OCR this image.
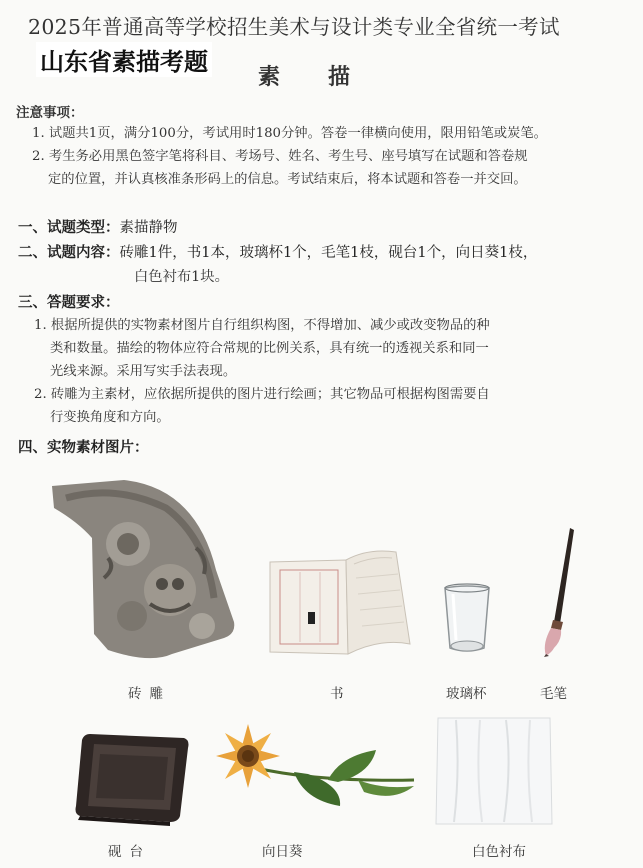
2025年普通高等学校招生美术与设计类专业全省统一考试
山东省素描考题
素描
注意事项：
1. 试题共1页，满分100分，考试用时180分钟。答卷一律横向使用，限用铅笔或炭笔。
2. 考生务必用黑色签字笔将科目、考场号、姓名、考生号、座号填写在试题和答卷规
定的位置，并认真核准条形码上的信息。考试结束后，将本试题和答卷一并交回。
一、试题类型：素描静物
二、试题内容：砖雕1件，书1本，玻璃杯1个，毛笔1枝，砚台1个，向日葵1枝，
白色衬布1块。
三、答题要求：
1. 根据所提供的实物素材图片自行组织构图，不得增加、减少或改变物品的种
类和数量。描绘的物体应符合常规的比例关系，具有统一的透视关系和同一
光线来源。采用写实手法表现。
2. 砖雕为主素材，应依据所提供的图片进行绘画；其它物品可根据构图需要自
行变换角度和方向。
四、实物素材图片：
砖雕	书	玻璃杯	毛笔
砚台	向日葵	白色衬布
